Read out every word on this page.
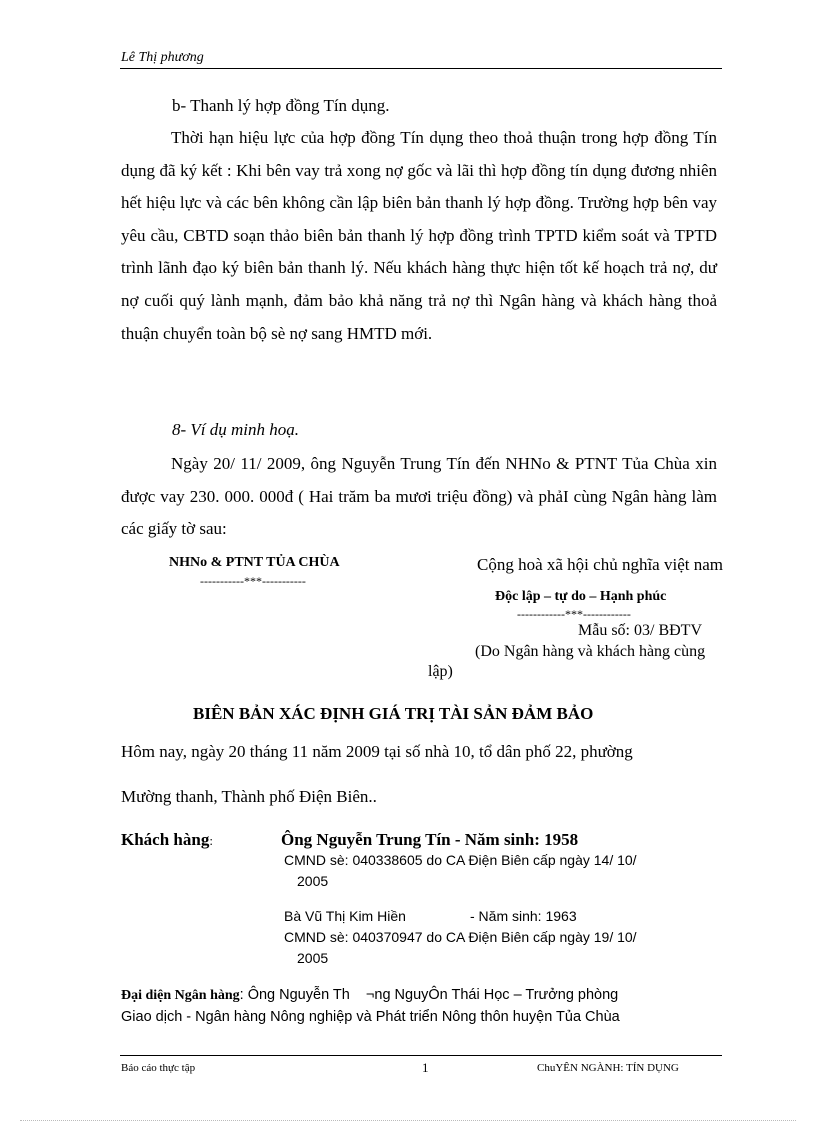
Lê Thị phương
b- Thanh lý hợp đồng Tín dụng.
Thời hạn hiệu lực của hợp đồng Tín dụng theo thoả thuận trong hợp đồng Tín dụng đã ký kết : Khi bên vay trả xong nợ gốc và lãi thì hợp đồng tín dụng đương nhiên hết hiệu lực và các bên không cần lập biên bản thanh lý hợp đồng. Trường hợp bên vay yêu cầu, CBTD soạn thảo biên bản thanh lý hợp đồng trình TPTD kiểm soát và TPTD trình lãnh đạo ký biên bản thanh lý. Nếu khách hàng thực hiện tốt kế hoạch trả nợ, dư nợ cuối quý lành mạnh, đảm bảo khả năng trả nợ thì Ngân hàng và khách hàng thoả thuận chuyển toàn bộ sè nợ sang HMTD mới.
8- Ví dụ minh hoạ.
Ngày 20/ 11/ 2009, ông Nguyễn Trung Tín đến NHNo & PTNT Tủa Chùa xin được vay 230. 000. 000đ ( Hai trăm ba mươi triệu đồng) và phảI cùng Ngân hàng làm các giấy tờ sau:
NHNo & PTNT TỦA CHÙA
-----------***-----------
Cộng hoà xã hội chủ nghĩa việt nam
Độc lập – tự do – Hạnh phúc
------------***------------
Mẫu số: 03/ BĐTV
(Do Ngân hàng và khách hàng cùng
lập)
BIÊN BẢN XÁC ĐỊNH GIÁ TRỊ TÀI SẢN ĐẢM BẢO
Hôm nay, ngày 20 tháng 11 năm 2009 tại số nhà 10, tổ dân phố 22, phường
Mường thanh, Thành phố Điện Biên..
Khách hàng:	Ông Nguyễn Trung Tín - Năm sinh: 1958
CMND sè: 040338605 do CA Điện Biên cấp ngày 14/ 10/
2005
Bà Vũ Thị Kim Hiền	- Năm sinh: 1963
CMND sè: 040370947 do CA Điện Biên cấp ngày 19/ 10/
2005
Đại diện Ngân hàng: Ông Nguyễn Th    ¬ng NguyÔn Thái Học – Trưởng phòng
Giao dịch - Ngân hàng Nông nghiệp và Phát triển Nông thôn huyện Tủa Chùa
Báo cáo thực tập	1	ChuYÊN NGÀNH: TÍN DỤNG
